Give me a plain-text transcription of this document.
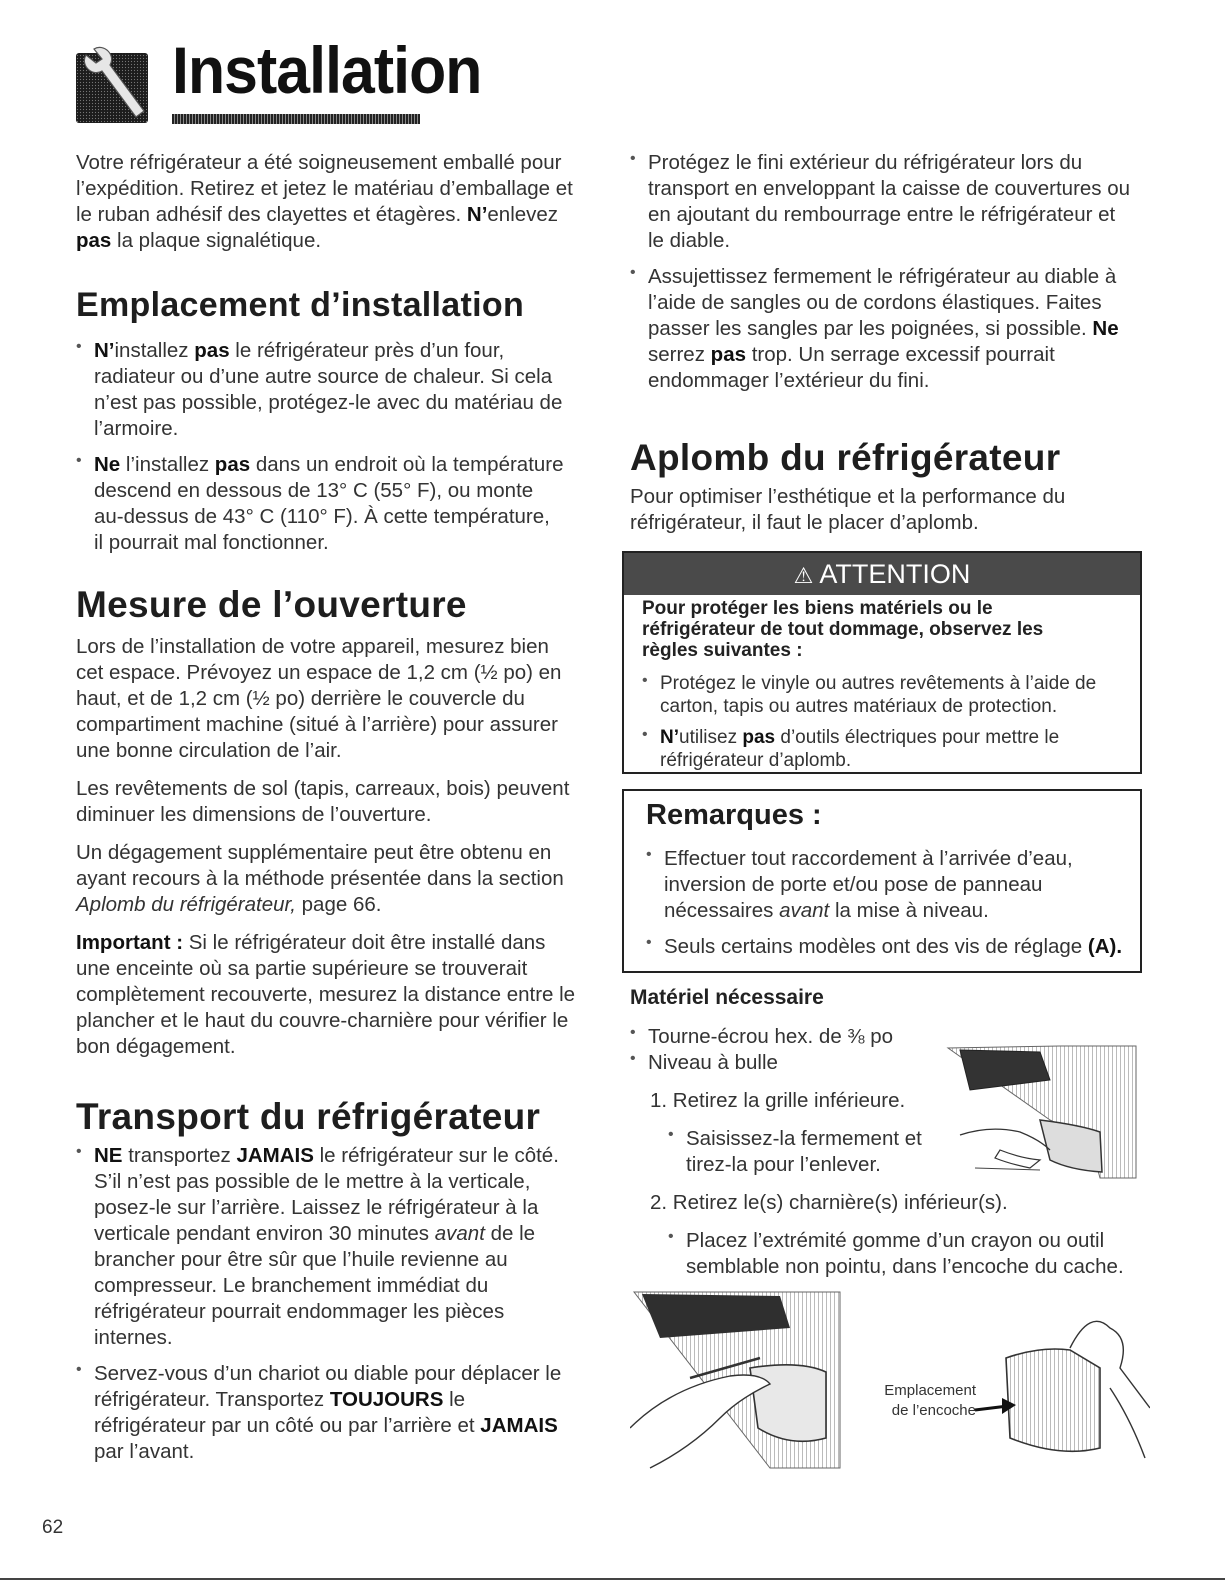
Installation

Votre réfrigérateur a été soigneusement emballé pour

l’expédition. Retirez et jetez le matériau d’emballage et

le ruban adhésif des clayettes et étagères. N’enlevez

pas la plaque signalétique.

Emplacement d’installation

• N’installez pas le réfrigérateur près d’un four,

radiateur ou d’une autre source de chaleur. Si cela

n’est pas possible, protégez-le avec du matériau de

l’armoire.

• Ne l’installez pas dans un endroit où la température

descend en dessous de 13° C (55° F), ou monte

au-dessus de 43° C (110° F). À cette température,

il pourrait mal fonctionner.

Mesure de l’ouverture

Lors de l’installation de votre appareil, mesurez bien

cet espace. Prévoyez un espace de 1,2 cm (½ po) en

haut, et de 1,2 cm (½ po) derrière le couvercle du

compartiment machine (situé à l’arrière) pour assurer

une bonne circulation de l’air.

Les revêtements de sol (tapis, carreaux, bois) peuvent

diminuer les dimensions de l’ouverture.

Un dégagement supplémentaire peut être obtenu en

ayant recours à la méthode présentée dans la section

Aplomb du réfrigérateur, page 66.

Important : Si le réfrigérateur doit être installé dans

une enceinte où sa partie supérieure se trouverait

complètement recouverte, mesurez la distance entre le

plancher et le haut du couvre-charnière pour vérifier le

bon dégagement.

Transport du réfrigérateur

• NE transportez JAMAIS le réfrigérateur sur le côté.

S’il n’est pas possible de le mettre à la verticale,

posez-le sur l’arrière. Laissez le réfrigérateur à la

verticale pendant environ 30 minutes avant de le

brancher pour être sûr que l’huile revienne au

compresseur. Le branchement immédiat du

réfrigérateur pourrait endommager les pièces

internes.

• Servez-vous d’un chariot ou diable pour déplacer le

réfrigérateur. Transportez TOUJOURS le

réfrigérateur par un côté ou par l’arrière et JAMAIS

par l’avant.

• Protégez le fini extérieur du réfrigérateur lors du

transport en enveloppant la caisse de couvertures ou

en ajoutant du rembourrage entre le réfrigérateur et

le diable.

• Assujettissez fermement le réfrigérateur au diable à

l’aide de sangles ou de cordons élastiques. Faites

passer les sangles par les poignées, si possible. Ne

serrez pas trop. Un serrage excessif pourrait

endommager l’extérieur du fini.

Aplomb du réfrigérateur

Pour optimiser l’esthétique et la performance du

réfrigérateur, il faut le placer d’aplomb.

⚠ ATTENTION
Pour protéger les biens matériels ou le
réfrigérateur de tout dommage, observez les
règles suivantes :
• Protégez le vinyle ou autres revêtements à l’aide de
carton, tapis ou autres matériaux de protection.
• N’utilisez pas d’outils électriques pour mettre le
réfrigérateur d’aplomb.
Remarques :
• Effectuer tout raccordement à l’arrivée d’eau,
inversion de porte et/ou pose de panneau
nécessaires avant la mise à niveau.
• Seuls certains modèles ont des vis de réglage (A).
Matériel nécessaire

• Tourne-écrou hex. de ⅜ po

• Niveau à bulle

1. Retirez la grille inférieure.

• Saisissez-la fermement et

tirez-la pour l’enlever.

2. Retirez le(s) charnière(s) inférieur(s).

• Placez l’extrémité gomme d’un crayon ou outil

semblable non pointu, dans l’encoche du cache.

Emplacement
de l’encoche
62
